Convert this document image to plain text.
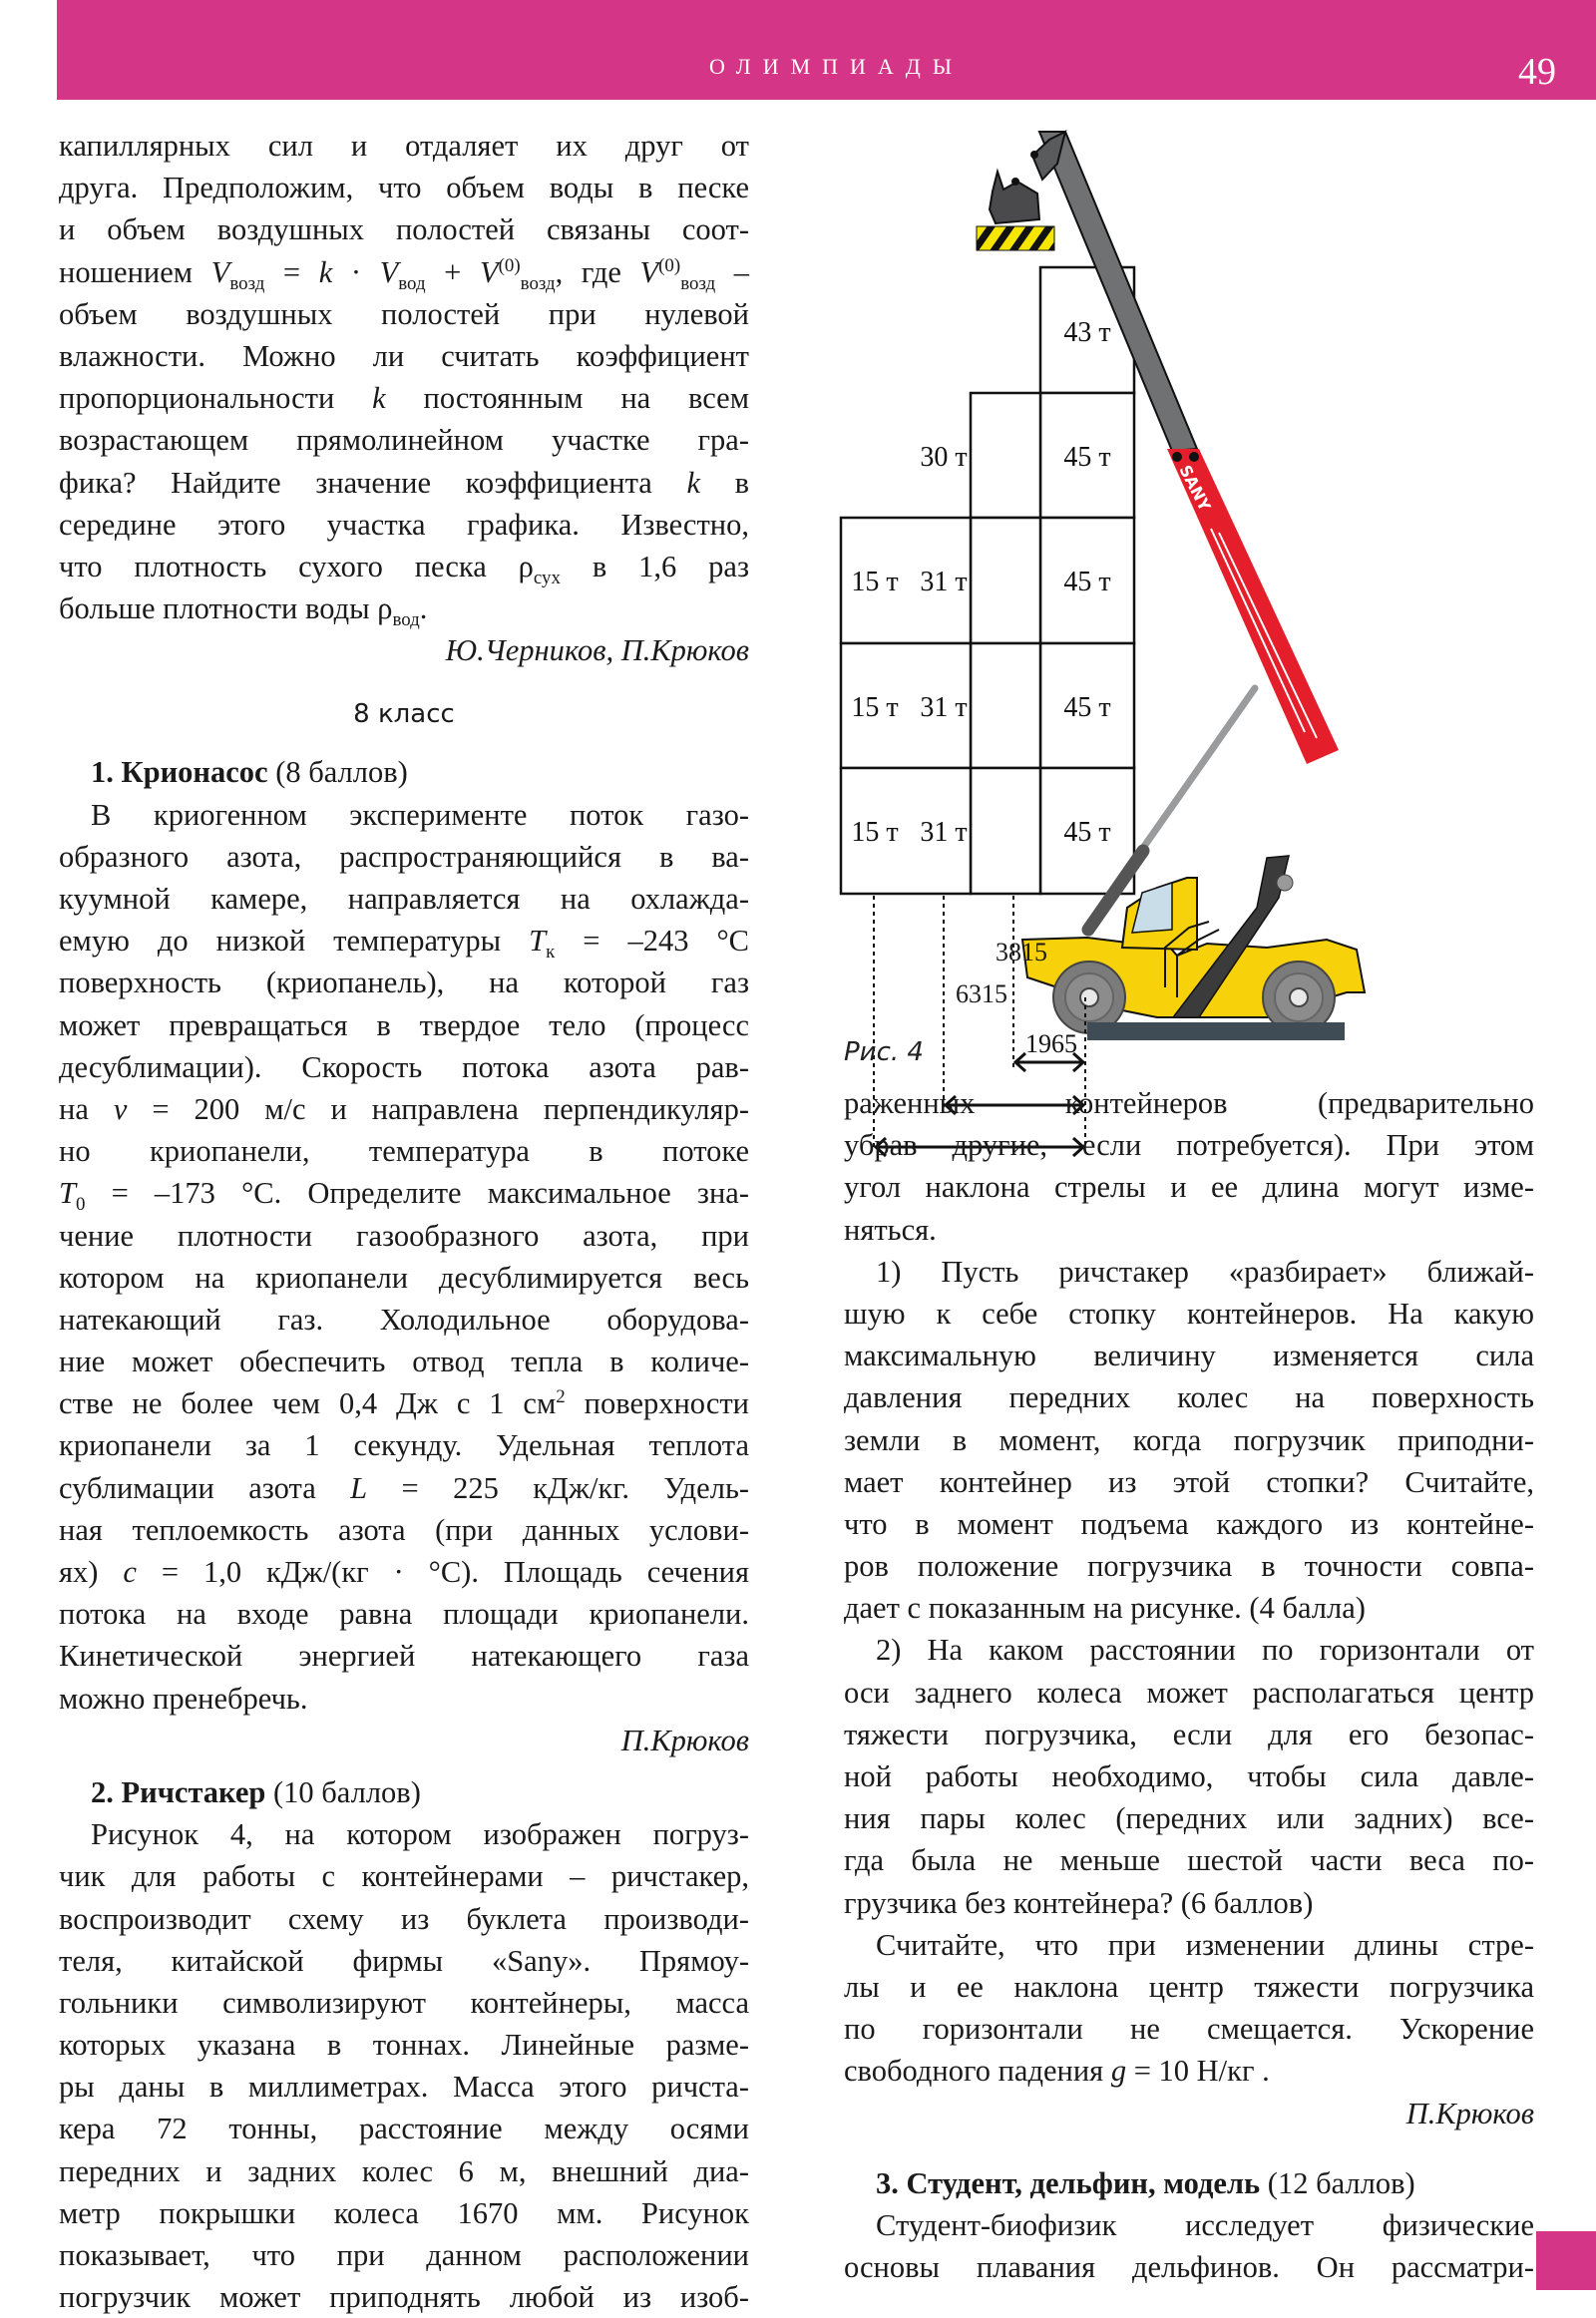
ОЛИМПИАДЫ	49
капиллярных сил и отдаляет их друг от
друга. Предположим, что объем воды в песке
и объем воздушных полостей связаны соот-
ношением $V_{возд} = k \cdot V_{вод} + V^{(0)}_{возд}$, где $V^{(0)}_{возд}$ –
объем воздушных полостей при нулевой
влажности. Можно ли считать коэффициент
пропорциональности k постоянным на всем
возрастающем прямолинейном участке гра-
фика? Найдите значение коэффициента k в
середине этого участка графика. Известно,
что плотность сухого песка $\rho_{сух}$ в 1,6 раз
больше плотности воды $\rho_{вод}$.
Ю.Черников, П.Крюков
8 класс
1. Крионасос (8 баллов)
В криогенном эксперименте поток газо-
образного азота, распространяющийся в ва-
куумной камере, направляется на охлажда-
емую до низкой температуры $T_к = -243$ °С
поверхность (криопанель), на которой газ
может превращаться в твердое тело (процесс
десублимации). Скорость потока азота рав-
на v = 200 м/с и направлена перпендикуляр-
но криопанели, температура в потоке
$T_0 = -173$ °С. Определите максимальное зна-
чение плотности газообразного азота, при
котором на криопанели десублимируется весь
натекающий газ. Холодильное оборудова-
ние может обеспечить отвод тепла в количе-
стве не более чем 0,4 Дж с 1 $см^2$ поверхности
криопанели за 1 секунду. Удельная теплота
сублимации азота L = 225 кДж/кг. Удель-
ная теплоемкость азота (при данных услови-
ях) c = 1,0 кДж/(кг · °С). Площадь сечения
потока на входе равна площади криопанели.
Кинетической энергией натекающего газа
можно пренебречь.
П.Крюков
2. Ричстакер (10 баллов)
Рисунок 4, на котором изображен погруз-
чик для работы с контейнерами – ричстакер,
воспроизводит схему из буклета производи-
теля, китайской фирмы «Sany». Прямоу-
гольники символизируют контейнеры, масса
которых указана в тоннах. Линейные разме-
ры даны в миллиметрах. Масса этого ричста-
кера 72 тонны, расстояние между осями
передних и задних колес 6 м, внешний диа-
метр покрышки колеса 1670 мм. Рисунок
показывает, что при данном расположении
погрузчик может приподнять любой из изоб-
43 т
45 т
45 т
45 т
45 т
30 т
31 т
31 т
31 т
15 т
15 т
15 т
SANY
1965
3815
6315
Рис. 4
раженных контейнеров (предварительно
убрав другие, если потребуется). При этом
угол наклона стрелы и ее длина могут изме-
няться.
1) Пусть ричстакер «разбирает» ближай-
шую к себе стопку контейнеров. На какую
максимальную величину изменяется сила
давления передних колес на поверхность
земли в момент, когда погрузчик приподни-
мает контейнер из этой стопки? Считайте,
что в момент подъема каждого из контейне-
ров положение погрузчика в точности совпа-
дает с показанным на рисунке. (4 балла)
2) На каком расстоянии по горизонтали от
оси заднего колеса может располагаться центр
тяжести погрузчика, если для его безопас-
ной работы необходимо, чтобы сила давле-
ния пары колес (передних или задних) все-
гда была не меньше шестой части веса по-
грузчика без контейнера? (6 баллов)
Считайте, что при изменении длины стре-
лы и ее наклона центр тяжести погрузчика
по горизонтали не смещается. Ускорение
свободного падения g = 10 Н/кг .
П.Крюков
3. Студент, дельфин, модель (12 баллов)
Студент-биофизик исследует физические
основы плавания дельфинов. Он рассматри-
